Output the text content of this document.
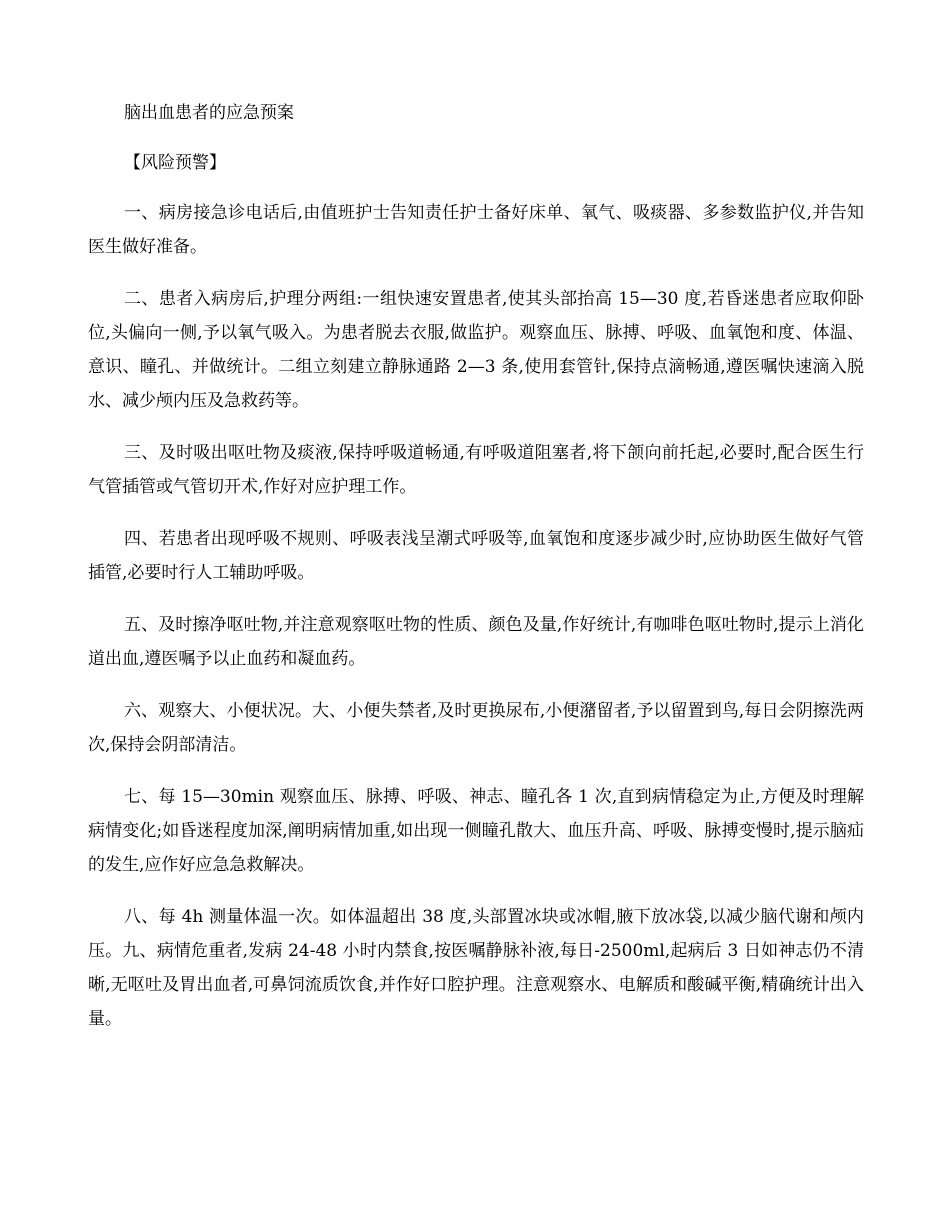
脑出血患者的应急预案

【风险预警】

一、病房接急诊电话后,由值班护士告知责任护士备好床单、氧气、吸痰器、多参数监护仪,并告知医生做好准备。

二、患者入病房后,护理分两组:一组快速安置患者,使其头部抬高 15—30 度,若昏迷患者应取仰卧位,头偏向一侧,予以氧气吸入。为患者脱去衣服,做监护。观察血压、脉搏、呼吸、血氧饱和度、体温、意识、瞳孔、并做统计。二组立刻建立静脉通路 2—3 条,使用套管针,保持点滴畅通,遵医嘱快速滴入脱水、减少颅内压及急救药等。

三、及时吸出呕吐物及痰液,保持呼吸道畅通,有呼吸道阻塞者,将下颌向前托起,必要时,配合医生行气管插管或气管切开术,作好对应护理工作。

四、若患者出现呼吸不规则、呼吸表浅呈潮式呼吸等,血氧饱和度逐步减少时,应协助医生做好气管插管,必要时行人工辅助呼吸。

五、及时擦净呕吐物,并注意观察呕吐物的性质、颜色及量,作好统计,有咖啡色呕吐物时,提示上消化道出血,遵医嘱予以止血药和凝血药。

六、观察大、小便状况。大、小便失禁者,及时更换尿布,小便潴留者,予以留置到鸟,每日会阴擦洗两次,保持会阴部清洁。

七、每 15—30min 观察血压、脉搏、呼吸、神志、瞳孔各 1 次,直到病情稳定为止,方便及时理解病情变化;如昏迷程度加深,阐明病情加重,如出现一侧瞳孔散大、血压升高、呼吸、脉搏变慢时,提示脑疝的发生,应作好应急急救解决。

八、每 4h 测量体温一次。如体温超出 38 度,头部置冰块或冰帽,腋下放冰袋,以减少脑代谢和颅内压。九、病情危重者,发病 24-48 小时内禁食,按医嘱静脉补液,每日-2500ml,起病后 3 日如神志仍不清晰,无呕吐及胃出血者,可鼻饲流质饮食,并作好口腔护理。注意观察水、电解质和酸碱平衡,精确统计出入量。
